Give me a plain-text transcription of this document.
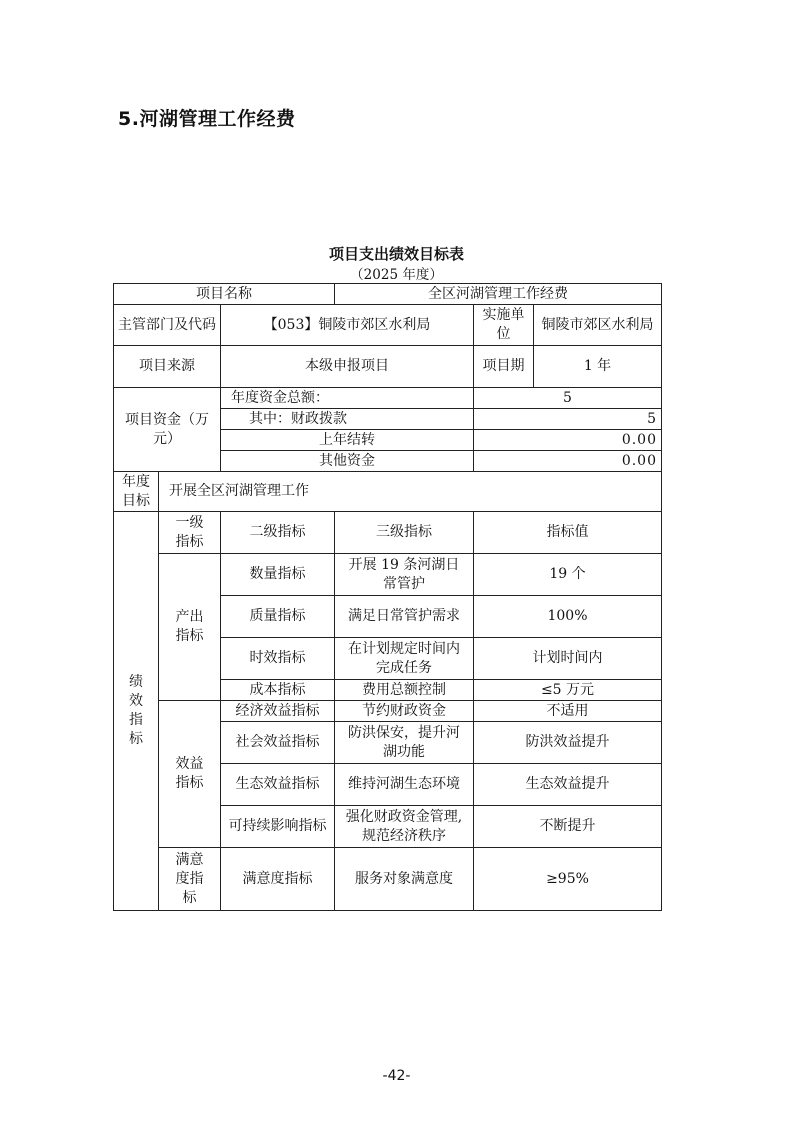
5.河湖管理工作经费
项目支出绩效目标表
（2025 年度）
项目名称			全区河湖管理工作经费		
主管部门及代码		【053】铜陵市郊区水利局		实施单位	铜陵市郊区水利局
项目来源		本级申报项目		项目期	1 年
项目资金（万元）		年度资金总额：		5	
		其中：财政拨款		5	
		上年结转		0.00	
		其他资金		0.00	
年度目标	开展全区河湖管理工作				
绩效指标	一级指标	二级指标	三级指标	指标值	
	产出指标	数量指标	开展 19 条河湖日常管护	19 个	
		质量指标	满足日常管护需求	100%	
		时效指标	在计划规定时间内完成任务	计划时间内	
		成本指标	费用总额控制	≤5 万元	
	效益指标	经济效益指标	节约财政资金	不适用	
		社会效益指标	防洪保安，提升河湖功能	防洪效益提升	
		生态效益指标	维持河湖生态环境	生态效益提升	
		可持续影响指标	强化财政资金管理,规范经济秩序	不断提升	
	满意度指标	满意度指标	服务对象满意度	≥95%	
-42-
